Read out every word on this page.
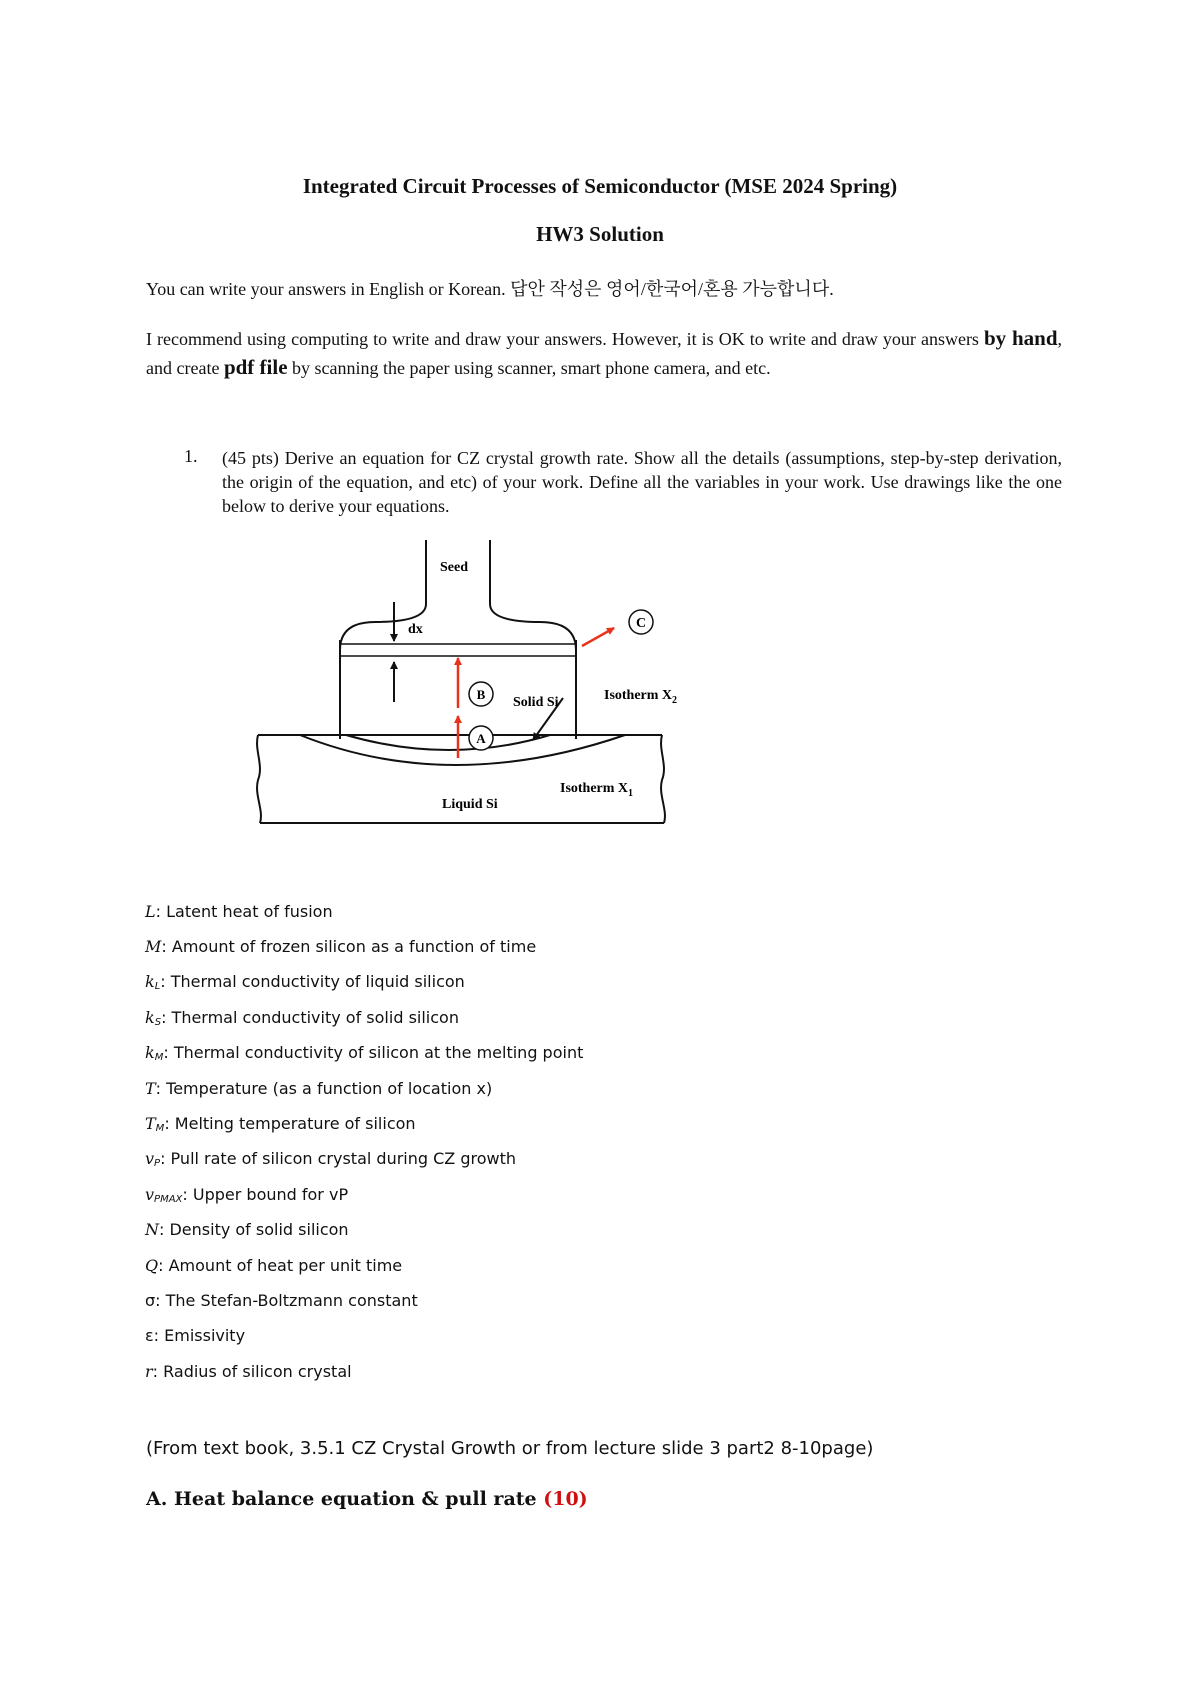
Integrated Circuit Processes of Semiconductor (MSE 2024 Spring)
HW3 Solution
You can write your answers in English or Korean. 답안 작성은 영어/한국어/혼용 가능합니다.
I recommend using computing to write and draw your answers. However, it is OK to write and draw your answers by hand, and create pdf file by scanning the paper using scanner, smart phone camera, and etc.
1. (45 pts) Derive an equation for CZ crystal growth rate. Show all the details (assumptions, step-by-step derivation, the origin of the equation, and etc) of your work. Define all the variables in your work. Use drawings like the one below to derive your equations.
C
B
A
Seed
dx
Solid Si
Liquid Si
Isotherm $X_2$
Isotherm $X_1$
L: Latent heat of fusion
M: Amount of frozen silicon as a function of time
$k_L$: Thermal conductivity of liquid silicon
$k_S$: Thermal conductivity of solid silicon
$k_M$: Thermal conductivity of silicon at the melting point
T: Temperature (as a function of location x)
$T_M$: Melting temperature of silicon
$v_P$: Pull rate of silicon crystal during CZ growth
$v_{PMAX}$: Upper bound for vP
N: Density of solid silicon
Q: Amount of heat per unit time
σ: The Stefan-Boltzmann constant
ε: Emissivity
r: Radius of silicon crystal
(From text book, 3.5.1 CZ Crystal Growth or from lecture slide 3 part2 8-10page)
A. Heat balance equation & pull rate (10)
